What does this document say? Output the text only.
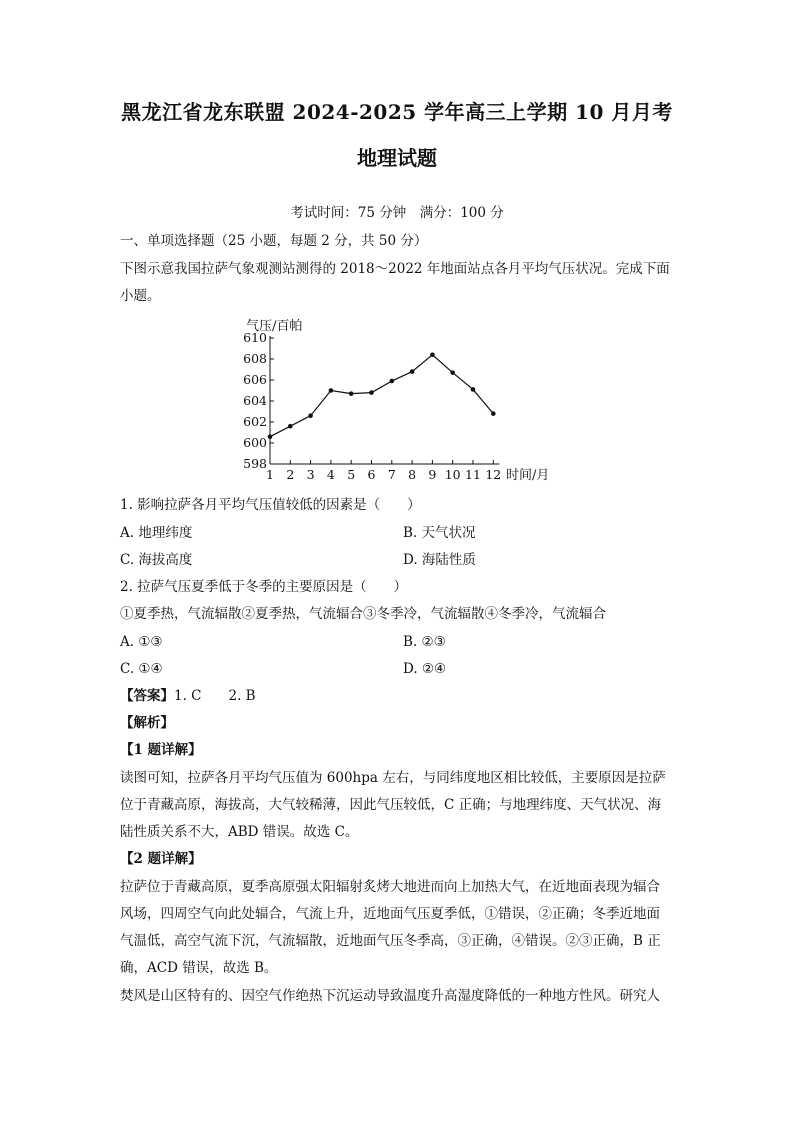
黑龙江省龙东联盟 2024-2025 学年高三上学期 10 月月考
地理试题
考试时间：75 分钟　满分：100 分
一、单项选择题（25 小题，每题 2 分，共 50 分）
下图示意我国拉萨气象观测站测得的 2018～2022 年地面站点各月平均气压状况。完成下面
小题。
气压/百帕
时间/月
598
600
602
604
606
608
610
1 2 3 4 5 6 7 8 9 10 11 12
1. 影响拉萨各月平均气压值较低的因素是（　　）
A. 地理纬度	B. 天气状况
C. 海拔高度	D. 海陆性质
2. 拉萨气压夏季低于冬季的主要原因是（　　）
①夏季热，气流辐散②夏季热，气流辐合③冬季冷，气流辐散④冬季冷，气流辐合
A. ①③	B. ②③
C. ①④	D. ②④
【答案】1. C　　2. B
【解析】
【1 题详解】
读图可知，拉萨各月平均气压值为 600hpa 左右，与同纬度地区相比较低，主要原因是拉萨
位于青藏高原，海拔高，大气较稀薄，因此气压较低，C 正确；与地理纬度、天气状况、海
陆性质关系不大，ABD 错误。故选 C。
【2 题详解】
拉萨位于青藏高原，夏季高原强太阳辐射炙烤大地进而向上加热大气，在近地面表现为辐合
风场，四周空气向此处辐合，气流上升，近地面气压夏季低，①错误，②正确；冬季近地面
气温低，高空气流下沉，气流辐散，近地面气压冬季高，③正确，④错误。②③正确，B 正
确，ACD 错误，故选 B。
焚风是山区特有的、因空气作绝热下沉运动导致温度升高湿度降低的一种地方性风。研究人
